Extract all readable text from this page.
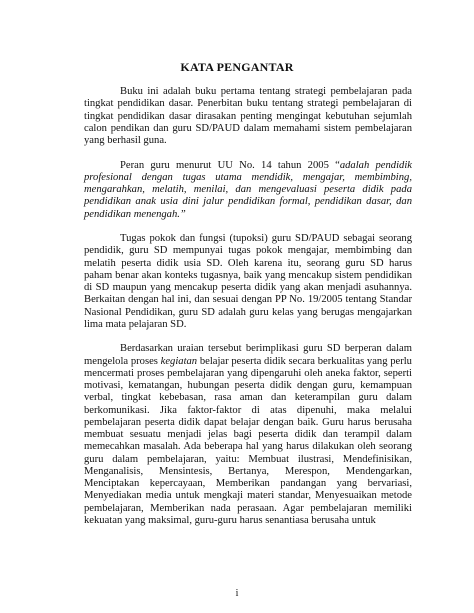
KATA PENGANTAR

Buku ini adalah buku pertama tentang strategi pembelajaran pada tingkat pendidikan dasar. Penerbitan buku tentang strategi pembelajaran di tingkat pendidikan dasar dirasakan penting mengingat kebutuhan sejumlah calon pendikan dan guru SD/PAUD dalam memahami sistem pembelajaran yang berhasil guna.

Peran guru menurut UU No. 14 tahun 2005 “adalah pendidik profesional dengan tugas utama mendidik, mengajar, membimbing, mengarahkan, melatih, menilai, dan mengevaluasi peserta didik pada pendidikan anak usia dini jalur pendidikan formal, pendidikan dasar, dan pendidikan menengah.”

Tugas pokok dan fungsi (tupoksi) guru SD/PAUD sebagai seorang pendidik, guru SD mempunyai tugas pokok mengajar, membimbing dan melatih peserta didik usia SD. Oleh karena itu, seorang guru SD harus paham benar akan konteks tugasnya, baik yang mencakup sistem pendidikan di SD maupun yang mencakup peserta didik yang akan menjadi asuhannya. Berkaitan dengan hal ini, dan sesuai dengan PP No. 19/2005 tentang Standar Nasional Pendidikan, guru SD adalah guru kelas yang berugas mengajarkan lima mata pelajaran SD.

Berdasarkan uraian tersebut berimplikasi guru SD berperan dalam mengelola proses kegiatan belajar peserta didik secara berkualitas yang perlu mencermati proses pembelajaran yang dipengaruhi oleh aneka faktor, seperti motivasi, kematangan, hubungan peserta didik dengan guru, kemampuan verbal, tingkat kebebasan, rasa aman dan keterampilan guru dalam berkomunikasi. Jika faktor-faktor di atas dipenuhi, maka melalui pembelajaran peserta didik dapat belajar dengan baik. Guru harus berusaha membuat sesuatu menjadi jelas bagi peserta didik dan terampil dalam memecahkan masalah. Ada beberapa hal yang harus dilakukan oleh seorang guru dalam pembelajaran, yaitu: Membuat ilustrasi, Mendefinisikan, Menganalisis, Mensintesis, Bertanya, Merespon, Mendengarkan, Menciptakan kepercayaan, Memberikan pandangan yang bervariasi, Menyediakan media untuk mengkaji materi standar, Menyesuaikan metode pembelajaran, Memberikan nada perasaan. Agar pembelajaran memiliki kekuatan yang maksimal, guru-guru harus senantiasa berusaha untuk

i
